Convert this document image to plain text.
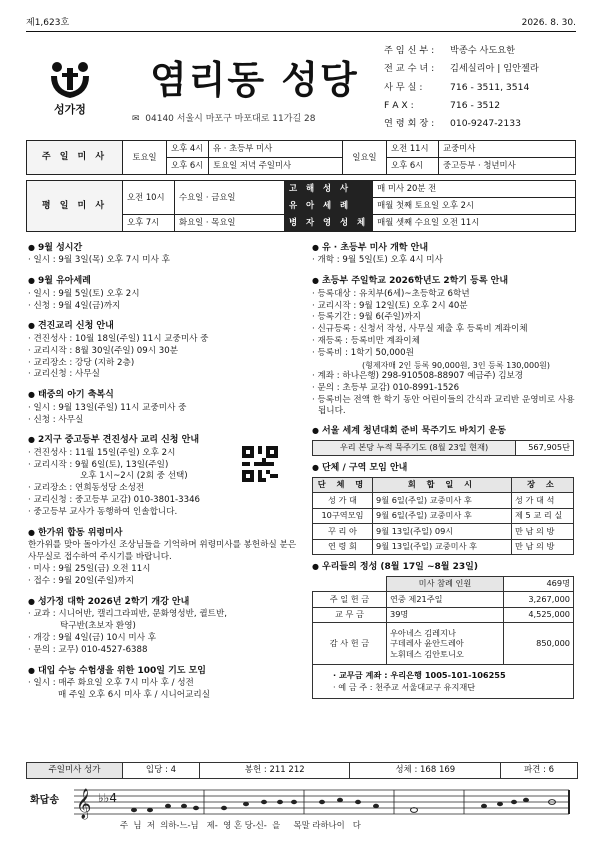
제1,623호	2026. 8. 30.
성가정
염리동 성당
✉ 04140 서울시 마포구 마포대로 11가길 28
주 임 신 부 : 박종수 사도요한
전 교 수 녀 : 김세실리아 | 임안젤라
사 무 실 :	716 - 3511, 3514
F A X :	716 - 3512
연 령 회 장 : 010-9247-2133
주 일 미 사	토요일	오후 4시	유 · 초등부 미사	일요일	오전 11시	교중미사
		오후 6시	토요일 저녁 주일미사		오후 6시	중고등부 · 청년미사
평 일 미 사	오전 10시	수요일 · 금요일	고 해 성 사	매 미사 20분 전
			유 아 세 례	매월 첫째 토요일 오후 2시
	오후 7시	화요일 · 목요일	병 자 영 성 체	매월 셋째 수요일 오전 11시
● 9월 성시간
· 일시 : 9월 3일(목) 오후 7시 미사 후
● 9월 유아세례
· 일시 : 9월 5일(토) 오후 2시
· 신청 : 9월 4일(금)까지
● 견진교리 신청 안내
· 견진성사 : 10월 18일(주일) 11시 교중미사 중
· 교리시작 : 8월 30일(주일) 09시 30분
· 교리장소 : 강당 (지하 2층)
· 교리신청 : 사무실
● 태중의 아기 축복식
· 일시 : 9월 13일(주일) 11시 교중미사 중
· 신청 : 사무실
● 2지구 중고등부 견진성사 교리 신청 안내
· 견진성사 : 11월 15일(주일) 오후 2시
· 교리시작 : 9월 6일(토), 13일(주일)
오후 1시~2시 (2회 중 선택)
· 교리장소 : 연희동성당 소성전
· 교리신청 : 중고등부 교감) 010-3801-3346
· 중고등부 교사가 동행하여 인솔합니다.
● 한가위 합동 위령미사
한가위를 맞아 돌아가신 조상님들을 기억하며 위령미사를 봉헌하실 분은 사무실로 접수하여 주시기를 바랍니다.
· 미사 : 9월 25일(금) 오전 11시
· 접수 : 9월 20일(주일)까지
● 성가정 대학 2026년 2학기 개강 안내
· 교과 : 시니어반, 캘리그라피반, 문화영성반, 퀼트반,
탁구반(초보자 환영)
· 개강 : 9월 4일(금) 10시 미사 후
· 문의 : 교무) 010-4527-6388
● 대입 수능 수험생을 위한 100일 기도 모임
· 일시 : 매주 화요일 오후 7시 미사 후 / 성전
매 주일 오후 6시 미사 후 / 시니어교리실
● 유 · 초등부 미사 개학 안내
· 개학 : 9월 5일(토) 오후 4시 미사
● 초등부 주일학교 2026학년도 2학기 등록 안내
· 등록대상 : 유치부(6세)~초등학교 6학년
· 교리시작 : 9월 12일(토) 오후 2시 40분
· 등록기간 : 9월 6(주일)까지
· 신규등록 : 신청서 작성, 사무실 제출 후 등록비 계좌이체
· 재등록 : 등록비만 계좌이체
· 등록비 : 1학기 50,000원
(형제자매 2인 등록 90,000원, 3인 등록 130,000원)
· 계좌 : 하나은행) 298-910508-88907 예금주) 김보경
· 문의 : 초등부 교감) 010-8991-1526
· 등록비는 전액 한 학기 동안 어린이들의 간식과 교리반 운영비로 사용됩니다.
● 서울 세계 청년대회 준비 묵주기도 바치기 운동
우리 본당 누적 묵주기도 (8월 23일 현재)	567,905단
● 단체 / 구역 모임 안내
단 체 명	회 합 일 시	장 소
성 가 대	9월 6일(주일) 교중미사 후	성 가 대 석
10구역모임	9월 6일(주일) 교중미사 후	제 5 교 리 실
꾸 리 아	9월 13일(주일) 09시	만 남 의 방
연 령 회	9월 13일(주일) 교중미사 후	만 남 의 방
● 우리들의 정성 (8월 17일 ~8월 23일)
	미사 참례 인원	469명
주 일 헌 금	연중 제21주일	3,267,000
교 무 금	39명	4,525,000
감 사 헌 금	우아네스 김레지나
구데레사 윤안드레아
노휘데스 김안토니오	850,000

· 교무금 계좌 : 우리은행 1005-101-106255
· 예 금 주 : 천주교 서울대교구 유지재단		
주일미사 성가	입당 : 4	봉헌 : 211 212	성체 : 168 169	파견 : 6
화답송 𝄞 ♭♭4
주  님  저  의하-느-님   제-  영 혼 당-신-  을     목말 라하나이   다
